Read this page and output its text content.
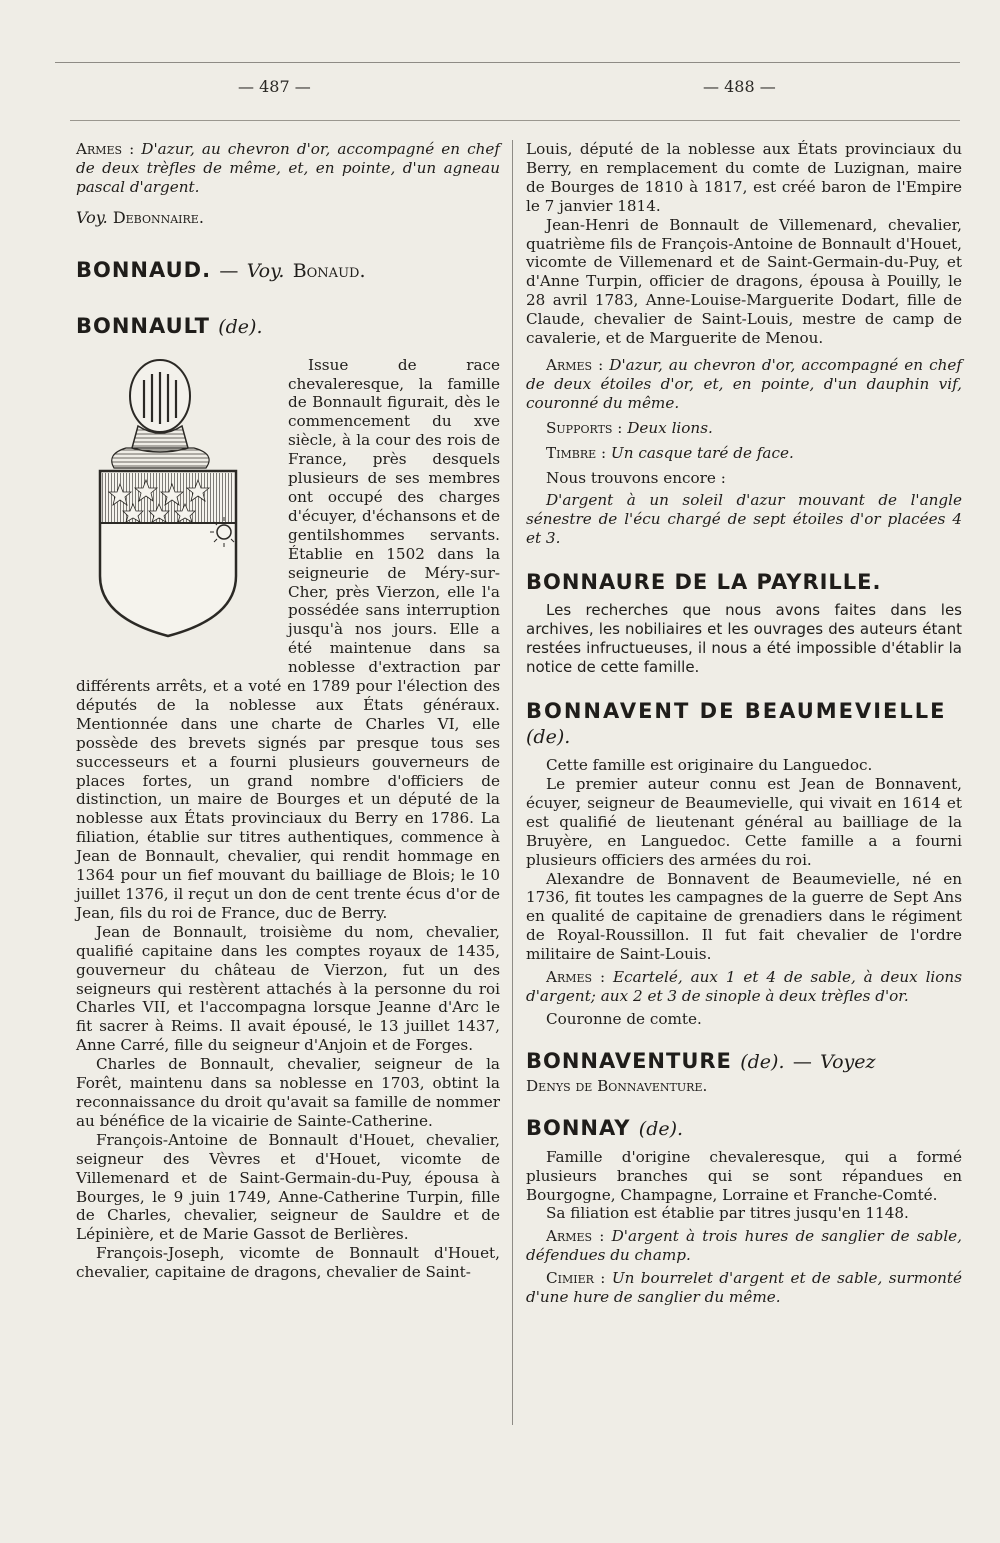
— 487 —	— 488 —

Armes : D'azur, au chevron d'or, accompagné en chef de deux trèfles de même, et, en pointe, d'un agneau pascal d'argent.

Voy. Debonnaire.

BONNAUD. — Voy. Bonaud.

BONNAULT (de).

Issue de race chevaleresque, la famille de Bonnault figurait, dès le commencement du xve siècle, à la cour des rois de France, près desquels plusieurs de ses membres ont occupé des charges d'écuyer, d'échansons et de gentilshommes servants. Établie en 1502 dans la seigneurie de Méry-sur-Cher, près Vierzon, elle l'a possédée sans interruption jusqu'à nos jours. Elle a été maintenue dans sa noblesse d'extraction par différents arrêts, et a voté en 1789 pour l'élection des députés de la noblesse aux États généraux. Mentionnée dans une charte de Charles VI, elle possède des brevets signés par presque tous ses successeurs et a fourni plusieurs gouverneurs de places fortes, un grand nombre d'officiers de distinction, un maire de Bourges et un député de la noblesse aux États provinciaux du Berry en 1786. La filiation, établie sur titres authentiques, commence à Jean de Bonnault, chevalier, qui rendit hommage en 1364 pour un fief mouvant du bailliage de Blois; le 10 juillet 1376, il reçut un don de cent trente écus d'or de Jean, fils du roi de France, duc de Berry.

Jean de Bonnault, troisième du nom, chevalier, qualifié capitaine dans les comptes royaux de 1435, gouverneur du château de Vierzon, fut un des seigneurs qui restèrent attachés à la personne du roi Charles VII, et l'accompagna lorsque Jeanne d'Arc le fit sacrer à Reims. Il avait épousé, le 13 juillet 1437, Anne Carré, fille du seigneur d'Anjoin et de Forges.

Charles de Bonnault, chevalier, seigneur de la Forêt, maintenu dans sa noblesse en 1703, obtint la reconnaissance du droit qu'avait sa famille de nommer au bénéfice de la vicairie de Sainte-Catherine.

François-Antoine de Bonnault d'Houet, chevalier, seigneur des Vèvres et d'Houet, vicomte de Villemenard et de Saint-Germain-du-Puy, épousa à Bourges, le 9 juin 1749, Anne-Catherine Turpin, fille de Charles, chevalier, seigneur de Sauldre et de Lépinière, et de Marie Gassot de Berlières.

François-Joseph, vicomte de Bonnault d'Houet, chevalier, capitaine de dragons, chevalier de Saint-

Louis, député de la noblesse aux États provinciaux du Berry, en remplacement du comte de Luzignan, maire de Bourges de 1810 à 1817, est créé baron de l'Empire le 7 janvier 1814.

Jean-Henri de Bonnault de Villemenard, chevalier, quatrième fils de François-Antoine de Bonnault d'Houet, vicomte de Villemenard et de Saint-Germain-du-Puy, et d'Anne Turpin, officier de dragons, épousa à Pouilly, le 28 avril 1783, Anne-Louise-Marguerite Dodart, fille de Claude, chevalier de Saint-Louis, mestre de camp de cavalerie, et de Marguerite de Menou.

Armes : D'azur, au chevron d'or, accompagné en chef de deux étoiles d'or, et, en pointe, d'un dauphin vif, couronné du même.

Supports : Deux lions.

Timbre : Un casque taré de face.

Nous trouvons encore :

D'argent à un soleil d'azur mouvant de l'angle sénestre de l'écu chargé de sept étoiles d'or placées 4 et 3.

BONNAURE DE LA PAYRILLE.

Les recherches que nous avons faites dans les archives, les nobiliaires et les ouvrages des auteurs étant restées infructueuses, il nous a été impossible d'établir la notice de cette famille.

BONNAVENT DE BEAUMEVIELLE (de).

Cette famille est originaire du Languedoc.

Le premier auteur connu est Jean de Bonnavent, écuyer, seigneur de Beaumevielle, qui vivait en 1614 et est qualifié de lieutenant général au bailliage de la Bruyère, en Languedoc. Cette famille a a fourni plusieurs officiers des armées du roi.

Alexandre de Bonnavent de Beaumevielle, né en 1736, fit toutes les campagnes de la guerre de Sept Ans en qualité de capitaine de grenadiers dans le régiment de Royal-Roussillon. Il fut fait chevalier de l'ordre militaire de Saint-Louis.

Armes : Ecartelé, aux 1 et 4 de sable, à deux lions d'argent; aux 2 et 3 de sinople à deux trèfles d'or.

Couronne de comte.

BONNAVENTURE (de). — Voyez

Denys de Bonnaventure.

BONNAY (de).

Famille d'origine chevaleresque, qui a formé plusieurs branches qui se sont répandues en Bourgogne, Champagne, Lorraine et Franche-Comté.

Sa filiation est établie par titres jusqu'en 1148.

Armes : D'argent à trois hures de sanglier de sable, défendues du champ.

Cimier : Un bourrelet d'argent et de sable, surmonté d'une hure de sanglier du même.
